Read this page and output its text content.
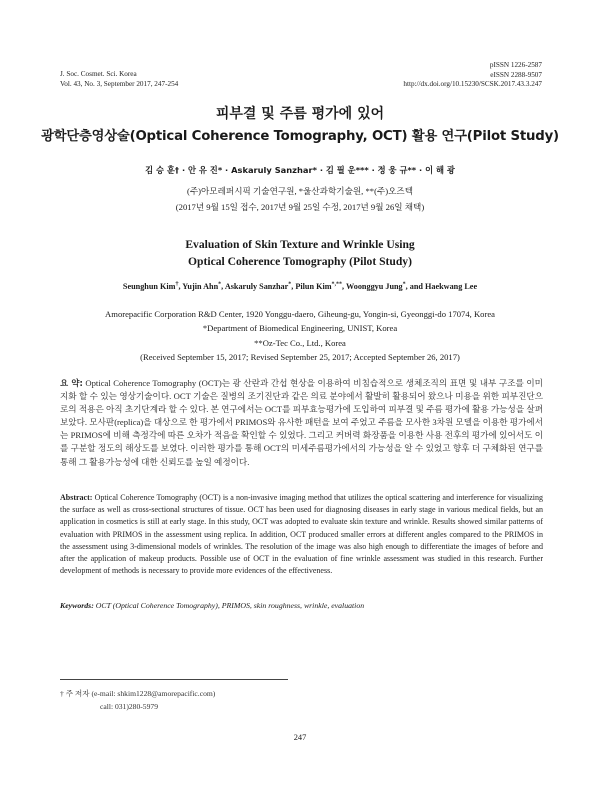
J. Soc. Cosmet. Sci. Korea
Vol. 43, No. 3, September 2017, 247-254
pISSN 1226-2587
eISSN 2288-9507
http://dx.doi.org/10.15230/SCSK.2017.43.3.247
피부결 및 주름 평가에 있어
광학단층영상술(Optical Coherence Tomography, OCT) 활용 연구(Pilot Study)
김 승 훈† · 안 유 진* · Askaruly Sanzhar* · 김 필 운*** · 정 웅 규** · 이 해 광
(주)아모레퍼시픽 기술연구원, *울산과학기술원, **(주)오즈텍
(2017년 9월 15일 접수, 2017년 9월 25일 수정, 2017년 9월 26일 채택)
Evaluation of Skin Texture and Wrinkle Using
Optical Coherence Tomography (Pilot Study)
Seunghun Kim†, Yujin Ahn*, Askaruly Sanzhar*, Pilun Kim*,**, Woonggyu Jung*, and Haekwang Lee
Amorepacific Corporation R&D Center, 1920 Yonggu-daero, Giheung-gu, Yongin-si, Gyeonggi-do 17074, Korea
*Department of Biomedical Engineering, UNIST, Korea
**Oz-Tec Co., Ltd., Korea
(Received September 15, 2017; Revised September 25, 2017; Accepted September 26, 2017)
요 약: Optical Coherence Tomography (OCT)는 광 산란과 간섭 현상을 이용하여 비침습적으로 생체조직의 표면 및 내부 구조를 이미지화 할 수 있는 영상기술이다. OCT 기술은 질병의 조기진단과 같은 의료 분야에서 활발히 활용되어 왔으나 미용을 위한 피부진단으로의 적용은 아직 초기단계라 할 수 있다. 본 연구에서는 OCT를 피부효능평가에 도입하여 피부결 및 주름 평가에 활용 가능성을 살펴보았다. 모사판(replica)을 대상으로 한 평가에서 PRIMOS와 유사한 패턴을 보여 주었고 주름을 모사한 3차원 모델을 이용한 평가에서는 PRIMOS에 비해 측정각에 따른 오차가 적음을 확인할 수 있었다. 그리고 커버력 화장품을 이용한 사용 전후의 평가에 있어서도 이를 구분할 정도의 해상도를 보였다. 이러한 평가를 통해 OCT의 미세주름평가에서의 가능성을 알 수 있었고 향후 더 구체화된 연구를 통해 그 활용가능성에 대한 신뢰도를 높일 예정이다.
Abstract: Optical Coherence Tomography (OCT) is a non-invasive imaging method that utilizes the optical scattering and interference for visualizing the surface as well as cross-sectional structures of tissue. OCT has been used for diagnosing diseases in early stage in various medical fields, but an application in cosmetics is still at early stage. In this study, OCT was adopted to evaluate skin texture and wrinkle. Results showed similar patterns of evaluation with PRIMOS in the assessment using replica. In addition, OCT produced smaller errors at different angles compared to the PRIMOS in the assessment using 3-dimensional models of wrinkles. The resolution of the image was also high enough to differentiate the images of before and after the application of makeup products. Possible use of OCT in the evaluation of fine wrinkle assessment was studied in this research. Further development of methods is necessary to provide more evidences of the effectiveness.
Keywords: OCT (Optical Coherence Tomography), PRIMOS, skin roughness, wrinkle, evaluation
† 주 저자 (e-mail: shkim1228@amorepacific.com)
call: 031)280-5979
247
